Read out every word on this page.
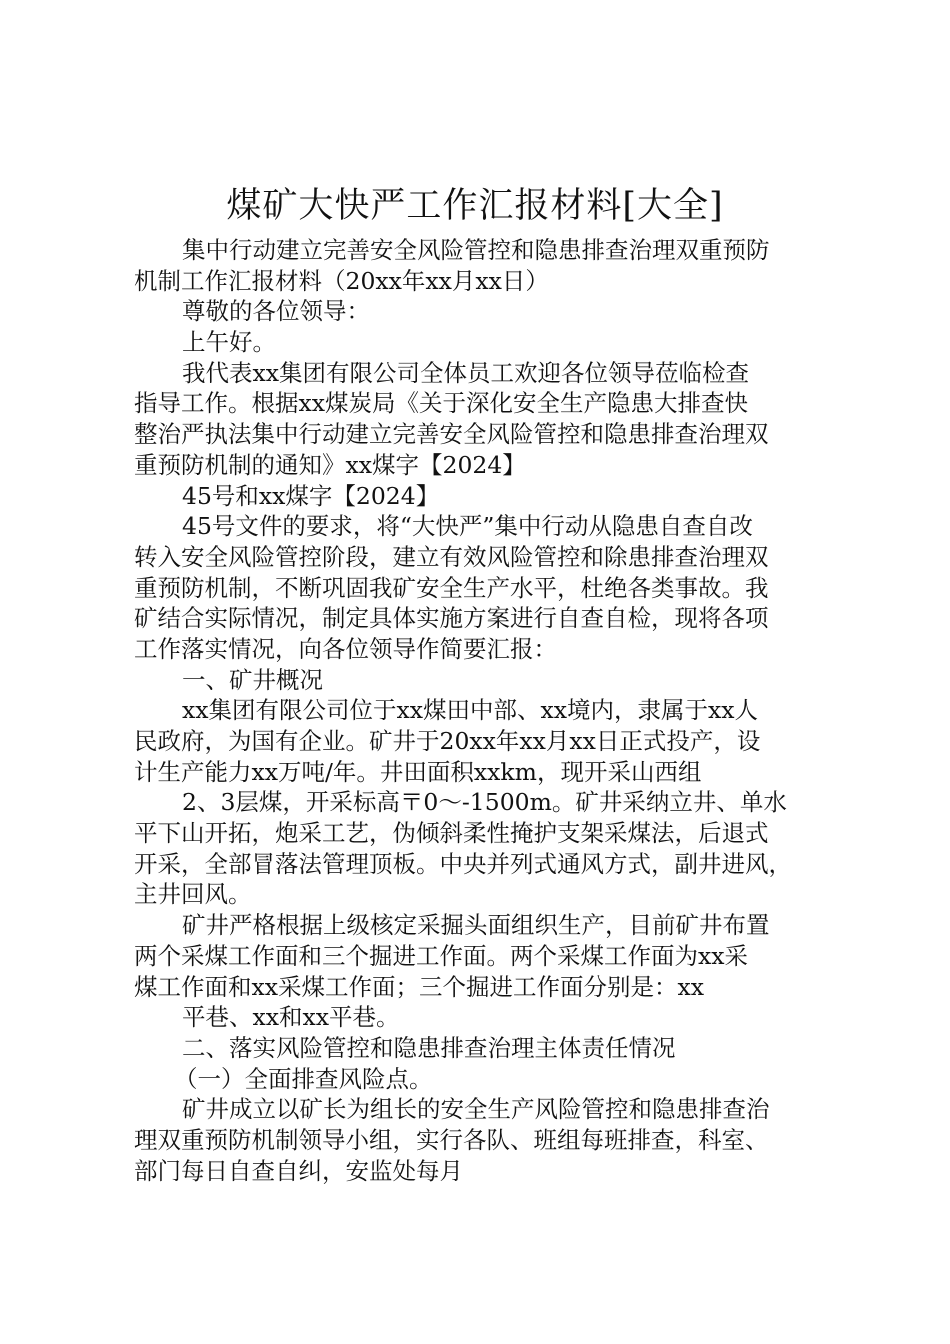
煤矿大快严工作汇报材料[大全]
集中行动建立完善安全风险管控和隐患排查治理双重预防
机制工作汇报材料（20xx年xx月xx日）
尊敬的各位领导：
上午好。
我代表xx集团有限公司全体员工欢迎各位领导莅临检查
指导工作。根据xx煤炭局《关于深化安全生产隐患大排查快
整治严执法集中行动建立完善安全风险管控和隐患排查治理双
重预防机制的通知》xx煤字【2024】
45号和xx煤字【2024】
45号文件的要求，将“大快严”集中行动从隐患自查自改
转入安全风险管控阶段，建立有效风险管控和除患排查治理双
重预防机制，不断巩固我矿安全生产水平，杜绝各类事故。我
矿结合实际情况，制定具体实施方案进行自查自检，现将各项
工作落实情况，向各位领导作简要汇报：
一、矿井概况
xx集团有限公司位于xx煤田中部、xx境内，隶属于xx人
民政府，为国有企业。矿井于20xx年xx月xx日正式投产，设
计生产能力xx万吨/年。井田面积xxkm，现开采山西组
2、3层煤，开采标高〒0～-1500m。矿井采纳立井、单水
平下山开拓，炮采工艺，伪倾斜柔性掩护支架采煤法，后退式
开采，全部冒落法管理顶板。中央并列式通风方式，副井进风，
主井回风。
矿井严格根据上级核定采掘头面组织生产，目前矿井布置
两个采煤工作面和三个掘进工作面。两个采煤工作面为xx采
煤工作面和xx采煤工作面；三个掘进工作面分别是：xx
平巷、xx和xx平巷。
二、落实风险管控和隐患排查治理主体责任情况
（一）全面排查风险点。
矿井成立以矿长为组长的安全生产风险管控和隐患排查治
理双重预防机制领导小组，实行各队、班组每班排查，科室、
部门每日自查自纠，安监处每月
